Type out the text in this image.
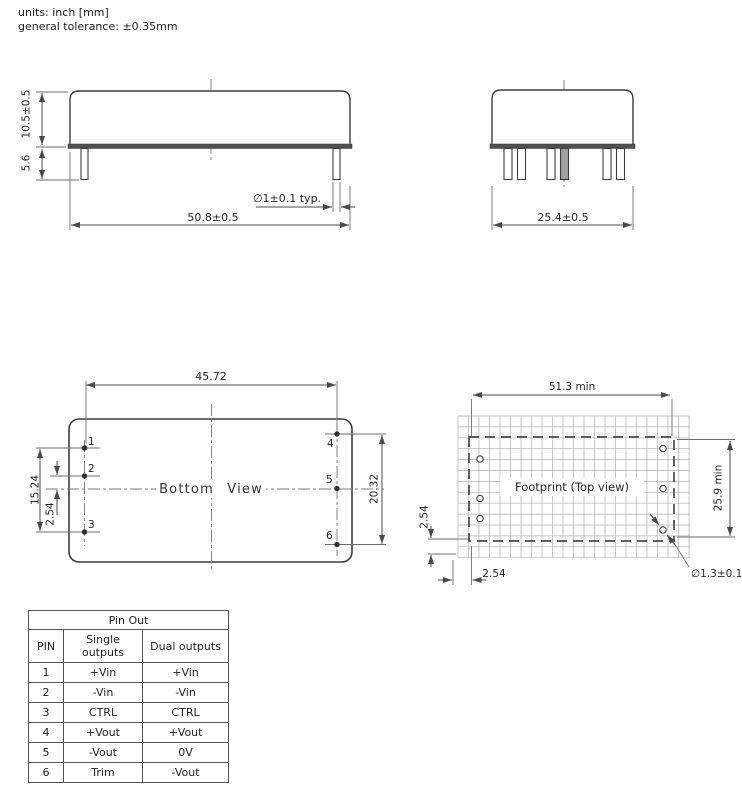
units: inch [mm]
general tolerance: ±0.35mm
10.5±0.5
5.6
50.8±0.5
∅1±0.1 typ.
25.4±0.5
1
2
3
4
5
6
45.72
15.24
2.54
20.32
Bottom View
51.3 min
25.9 min
2.54
2.54	∅1.3±0.1
Footprint (Top view)
Pin Out		
PIN	Single outputs	Dual outputs
1	+Vin	+Vin
2	-Vin	-Vin
3	CTRL	CTRL
4	+Vout	+Vout
5	-Vout	0V
6	Trim	-Vout
